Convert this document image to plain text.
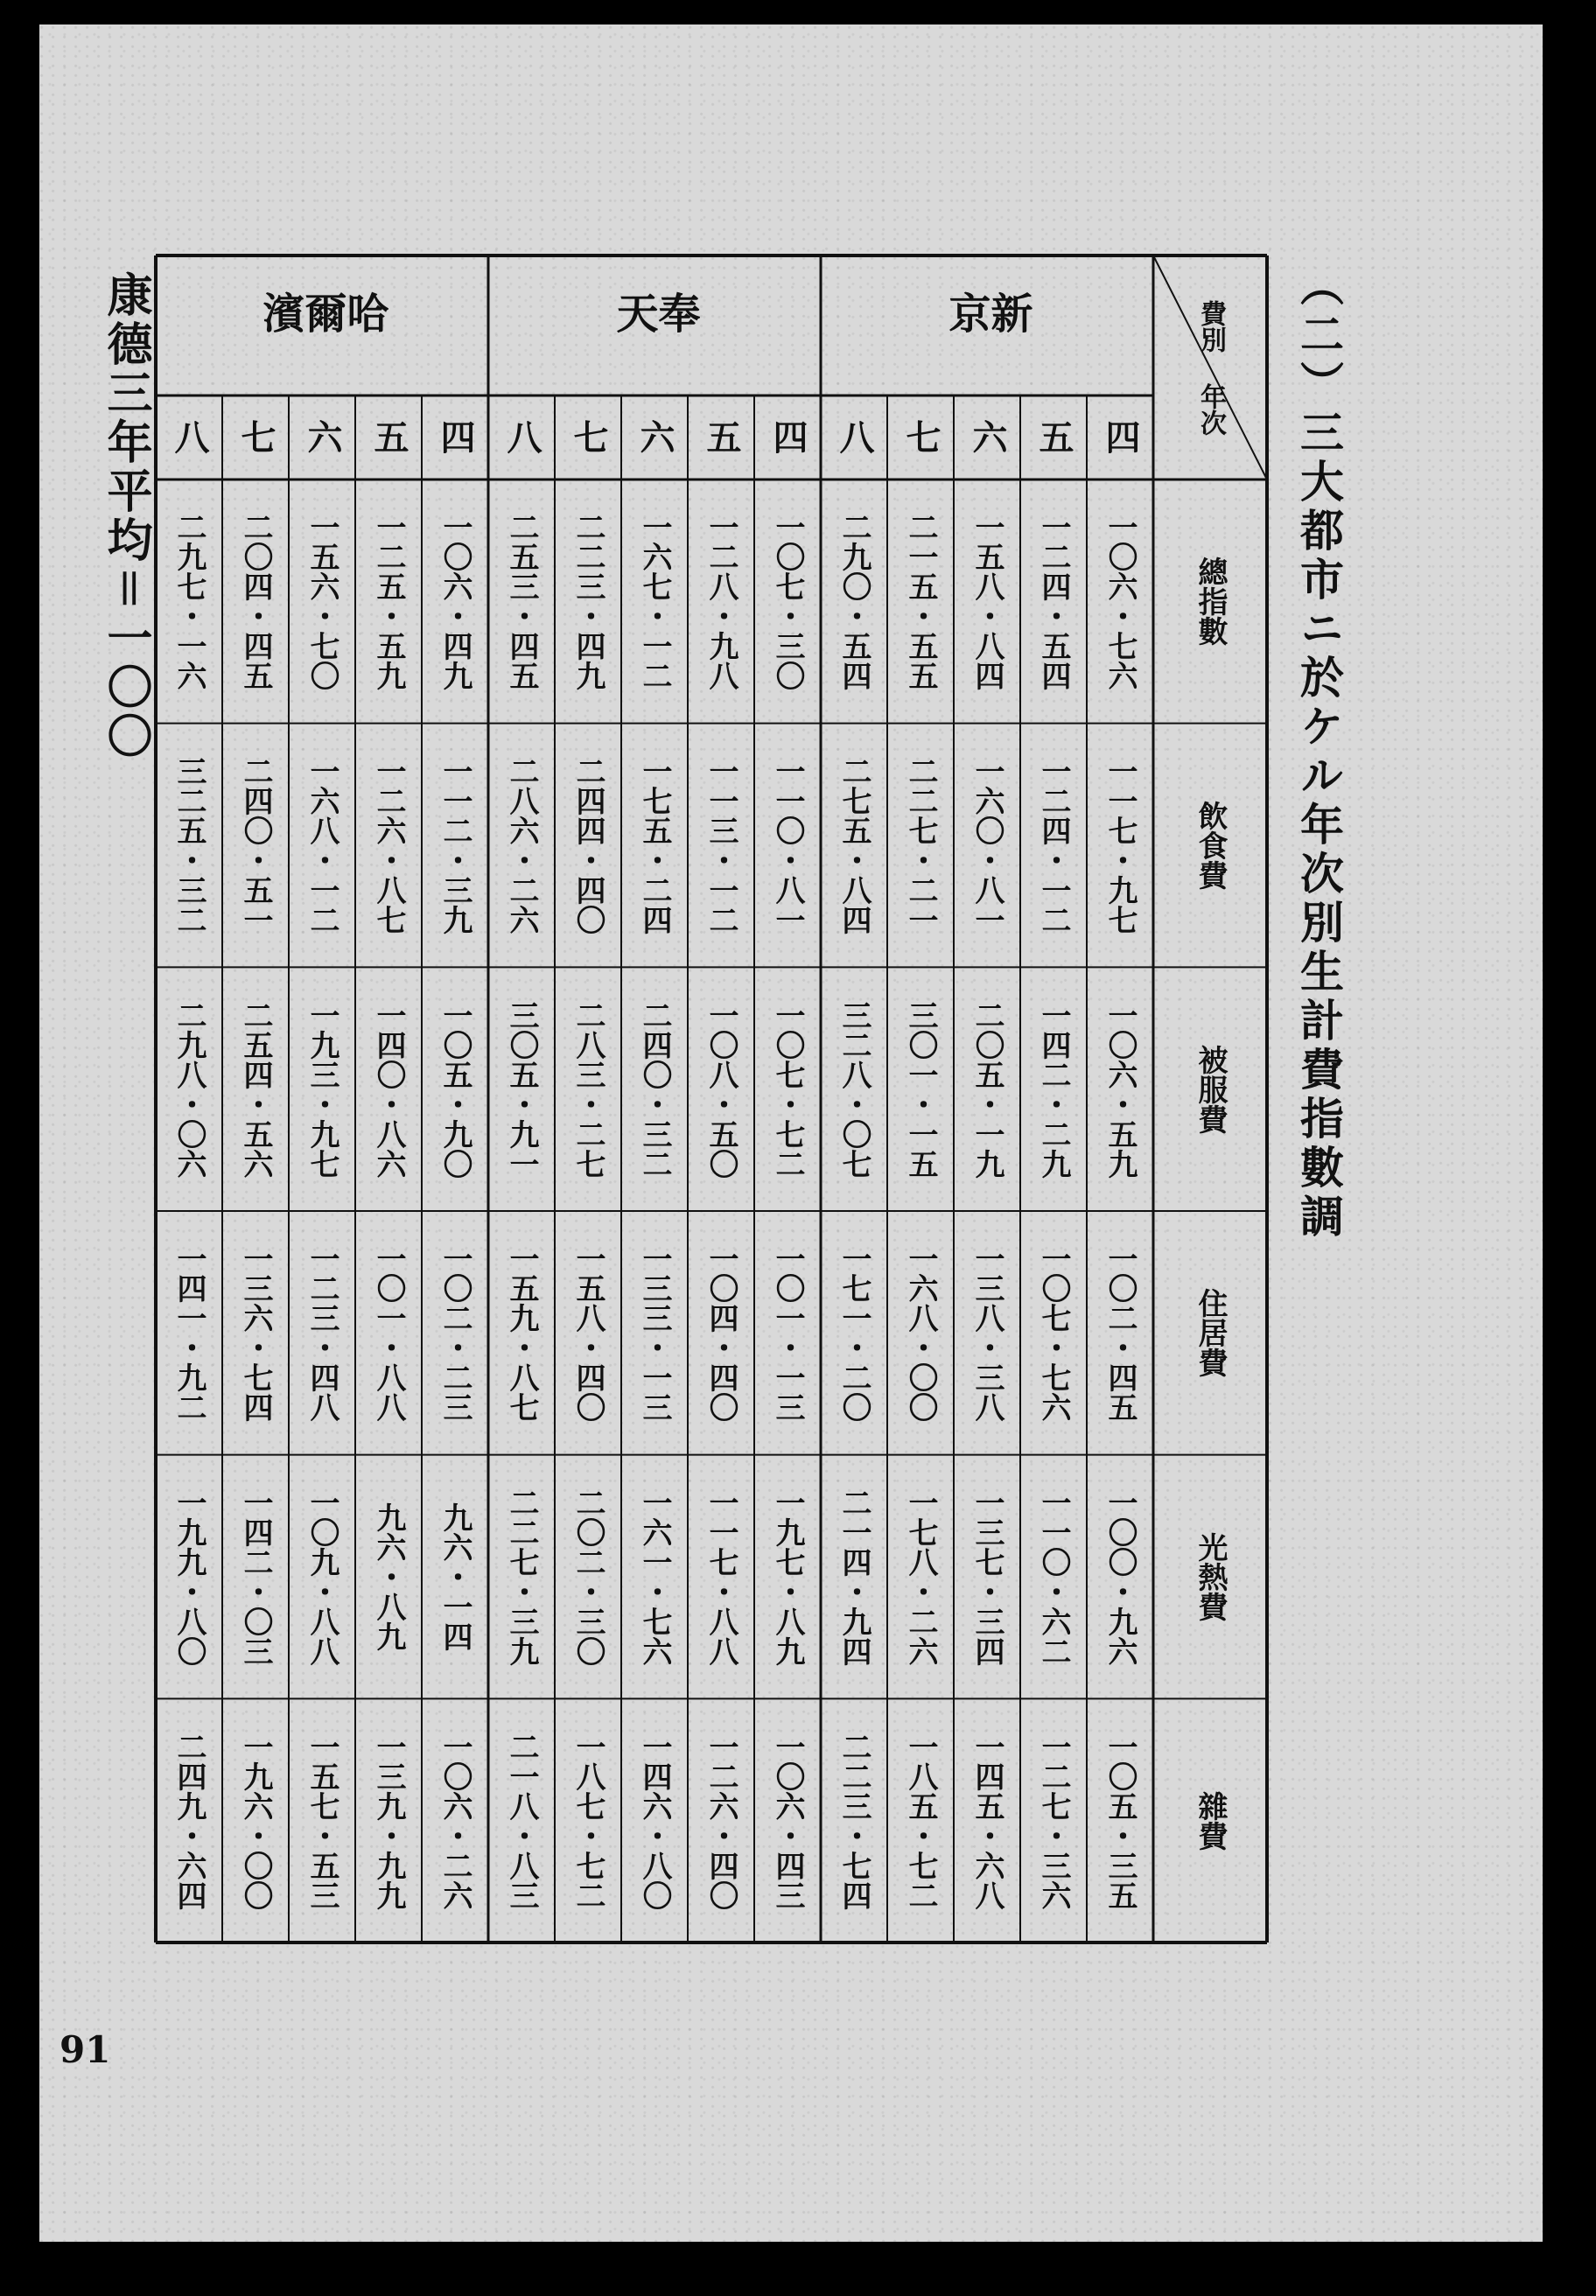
（二）三大都市ニ於ケル年次別生計費指數調
康德三年平均＝一〇〇
91
費別 年次
新京
奉天
哈爾濱
四
一〇六・七六
一一七・九七
一〇六・五九
一〇二・四五
一〇〇・九六
一〇五・三五
五
一二四・五四
一二四・一二
一四二・二九
一〇七・七六
一一〇・六二
一二七・三六
六
一五八・八四
一六〇・八一
二〇五・一九
一三八・三八
一三七・三四
一四五・六八
七
二一五・五五
二二七・二一
三〇一・一五
一六八・〇〇
一七八・二六
一八五・七二
八
二九〇・五四
二七五・八四
三二八・〇七
一七一・二〇
二一四・九四
二二三・七四
四
一〇七・三〇
一一〇・八一
一〇七・七二
一〇一・一三
一九七・八九
一〇六・四三
五
一二八・九八
一一三・一二
一〇八・五〇
一〇四・四〇
一一七・八八
一二六・四〇
六
一六七・一二
一七五・二四
二四〇・三二
一三三・一三
一六一・七六
一四六・八〇
七
二二三・四九
二四四・四〇
二八三・二七
一五八・四〇
二〇二・三〇
一八七・七二
八
二五三・四五
二八六・二六
三〇五・九一
一五九・八七
二二七・三九
二一八・八三
四
一〇六・四九
一一二・三九
一〇五・九〇
一〇二・二三
九六・一四
一〇六・二六
五
一二五・五九
一二六・八七
一四〇・八六
一〇一・八八
九六・八九
一三九・九九
六
一五六・七〇
一六八・一二
一九三・九七
一二三・四八
一〇九・八八
一五七・五三
七
二〇四・四五
二四〇・五一
二五四・五六
一三六・七四
一四二・〇三
一九六・〇〇
八
二九七・一六
三二五・三二
二九八・〇六
一四一・九二
一九九・八〇
二四九・六四
總指數
飲食費
被服費
住居費
光熱費
雜費
